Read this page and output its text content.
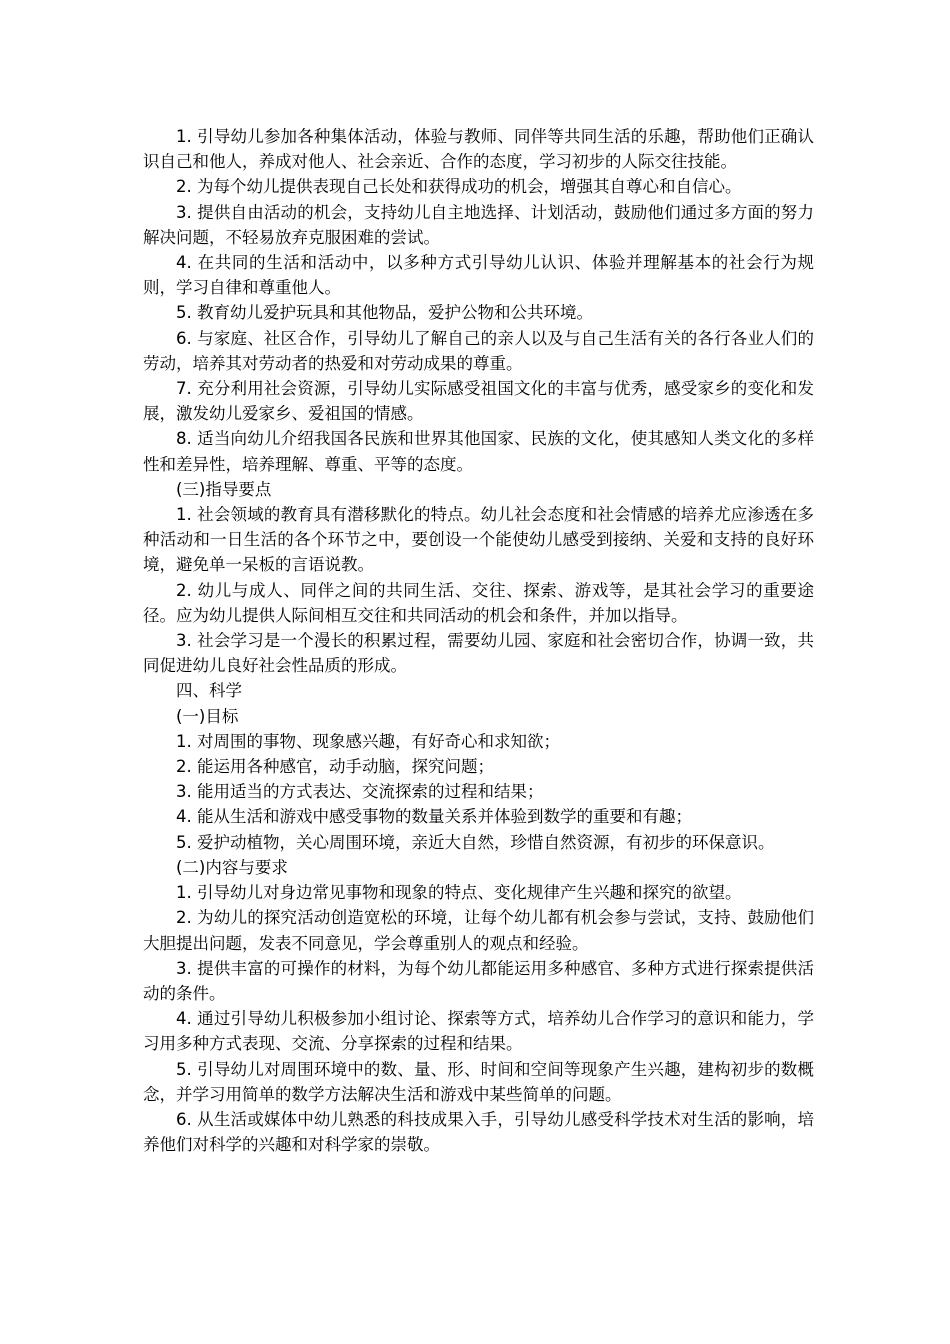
1. 引导幼儿参加各种集体活动，体验与教师、同伴等共同生活的乐趣，帮助他们正确认识自己和他人，养成对他人、社会亲近、合作的态度，学习初步的人际交往技能。

2. 为每个幼儿提供表现自己长处和获得成功的机会，增强其自尊心和自信心。

3. 提供自由活动的机会，支持幼儿自主地选择、计划活动，鼓励他们通过多方面的努力解决问题，不轻易放弃克服困难的尝试。

4. 在共同的生活和活动中，以多种方式引导幼儿认识、体验并理解基本的社会行为规则，学习自律和尊重他人。

5. 教育幼儿爱护玩具和其他物品，爱护公物和公共环境。

6. 与家庭、社区合作，引导幼儿了解自己的亲人以及与自己生活有关的各行各业人们的劳动，培养其对劳动者的热爱和对劳动成果的尊重。

7. 充分利用社会资源，引导幼儿实际感受祖国文化的丰富与优秀，感受家乡的变化和发展，激发幼儿爱家乡、爱祖国的情感。

8. 适当向幼儿介绍我国各民族和世界其他国家、民族的文化，使其感知人类文化的多样性和差异性，培养理解、尊重、平等的态度。

(三)指导要点

1. 社会领域的教育具有潜移默化的特点。幼儿社会态度和社会情感的培养尤应渗透在多种活动和一日生活的各个环节之中，要创设一个能使幼儿感受到接纳、关爱和支持的良好环境，避免单一呆板的言语说教。

2. 幼儿与成人、同伴之间的共同生活、交往、探索、游戏等，是其社会学习的重要途径。应为幼儿提供人际间相互交往和共同活动的机会和条件，并加以指导。

3. 社会学习是一个漫长的积累过程，需要幼儿园、家庭和社会密切合作，协调一致，共同促进幼儿良好社会性品质的形成。

四、科学

(一)目标

1. 对周围的事物、现象感兴趣，有好奇心和求知欲；

2. 能运用各种感官，动手动脑，探究问题；

3. 能用适当的方式表达、交流探索的过程和结果；

4. 能从生活和游戏中感受事物的数量关系并体验到数学的重要和有趣；

5. 爱护动植物，关心周围环境，亲近大自然，珍惜自然资源，有初步的环保意识。

(二)内容与要求

1. 引导幼儿对身边常见事物和现象的特点、变化规律产生兴趣和探究的欲望。

2. 为幼儿的探究活动创造宽松的环境，让每个幼儿都有机会参与尝试，支持、鼓励他们大胆提出问题，发表不同意见，学会尊重别人的观点和经验。

3. 提供丰富的可操作的材料，为每个幼儿都能运用多种感官、多种方式进行探索提供活动的条件。

4. 通过引导幼儿积极参加小组讨论、探索等方式，培养幼儿合作学习的意识和能力，学习用多种方式表现、交流、分享探索的过程和结果。

5. 引导幼儿对周围环境中的数、量、形、时间和空间等现象产生兴趣，建构初步的数概念，并学习用简单的数学方法解决生活和游戏中某些简单的问题。

6. 从生活或媒体中幼儿熟悉的科技成果入手，引导幼儿感受科学技术对生活的影响，培养他们对科学的兴趣和对科学家的崇敬。
